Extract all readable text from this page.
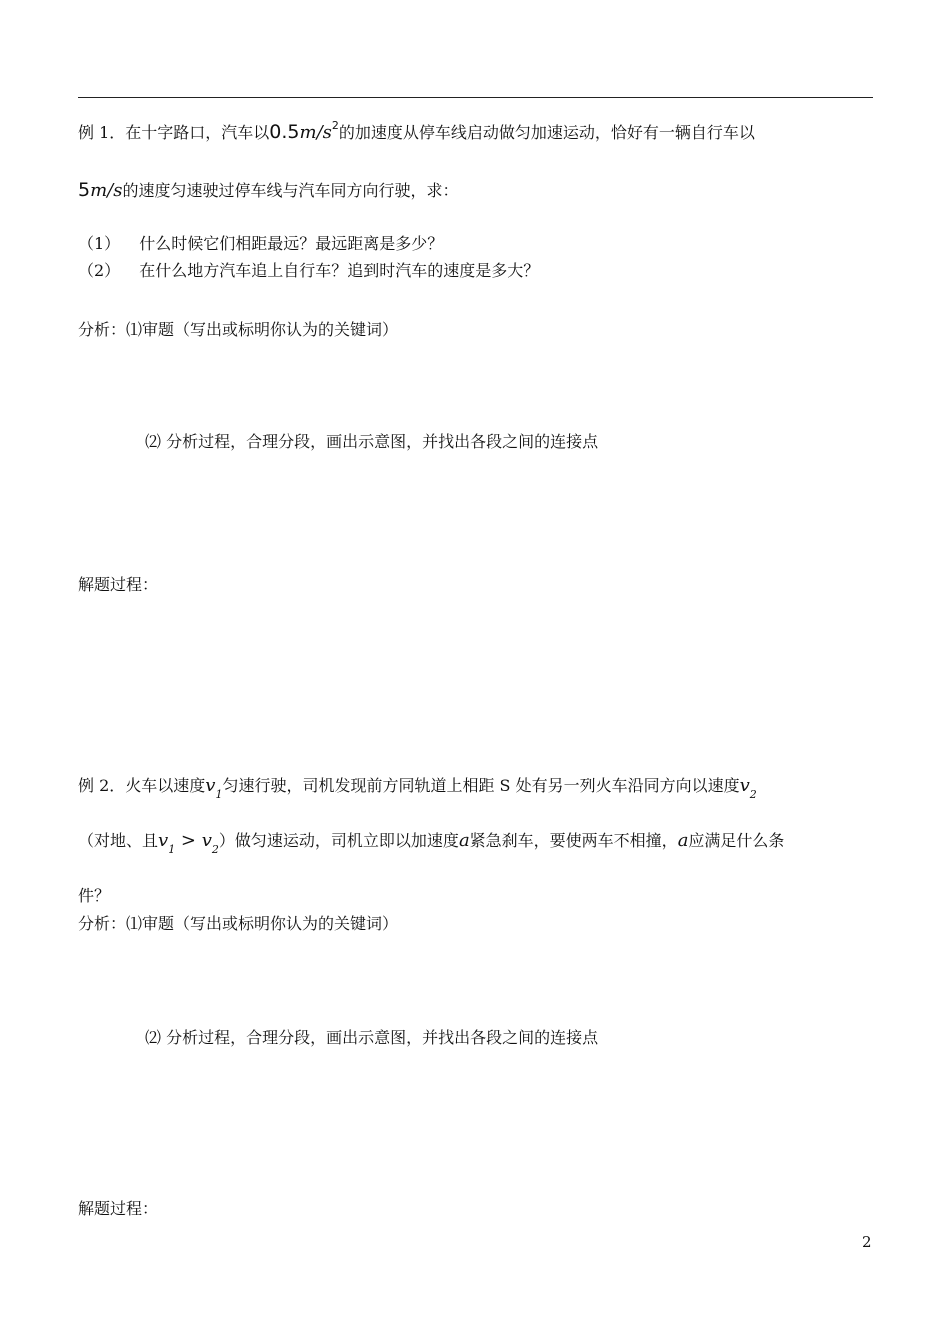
例 1．在十字路口，汽车以$0.5m/s^2$的加速度从停车线启动做匀加速运动，恰好有一辆自行车以
5m/s的速度匀速驶过停车线与汽车同方向行驶，求：
（1） 什么时候它们相距最远？最远距离是多少？
（2） 在什么地方汽车追上自行车？追到时汽车的速度是多大？
分析：⑴审题（写出或标明你认为的关键词）
⑵ 分析过程，合理分段，画出示意图，并找出各段之间的连接点
解题过程：
例 2．火车以速度$v_1$匀速行驶，司机发现前方同轨道上相距 S 处有另一列火车沿同方向以速度$v_2$
（对地、且$v_1 > v_2$）做匀速运动，司机立即以加速度a紧急刹车，要使两车不相撞，a应满足什么条
件？
分析：⑴审题（写出或标明你认为的关键词）
⑵ 分析过程，合理分段，画出示意图，并找出各段之间的连接点
解题过程：
2
